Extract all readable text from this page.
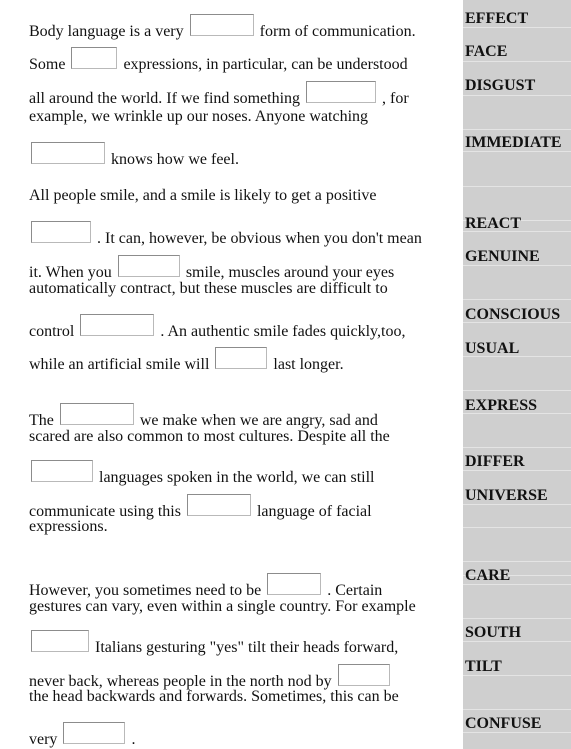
Body language is a very	form of communication.
Some	expressions, in particular, can be understood
all around the world. If we find something	, for
example, we wrinkle up our noses. Anyone watching
knows how we feel.
All people smile, and a smile is likely to get a positive
. It can, however, be obvious when you don't mean
it. When you	smile, muscles around your eyes
automatically contract, but these muscles are difficult to
control	. An authentic smile fades quickly,too,
while an artificial smile will	last longer.
The	we make when we are angry, sad and
scared are also common to most cultures. Despite all the
languages spoken in the world, we can still
communicate using this	language of facial
expressions.
However, you sometimes need to be	. Certain
gestures can vary, even within a single country. For example
Italians gesturing "yes" tilt their heads forward,
never back, whereas people in the north nod by
the head backwards and forwards. Sometimes, this can be
very	.
EFFECT
FACE
DISGUST
IMMEDIATE
REACT
GENUINE
CONSCIOUS
USUAL
EXPRESS
DIFFER
UNIVERSE
CARE
SOUTH
TILT
CONFUSE
